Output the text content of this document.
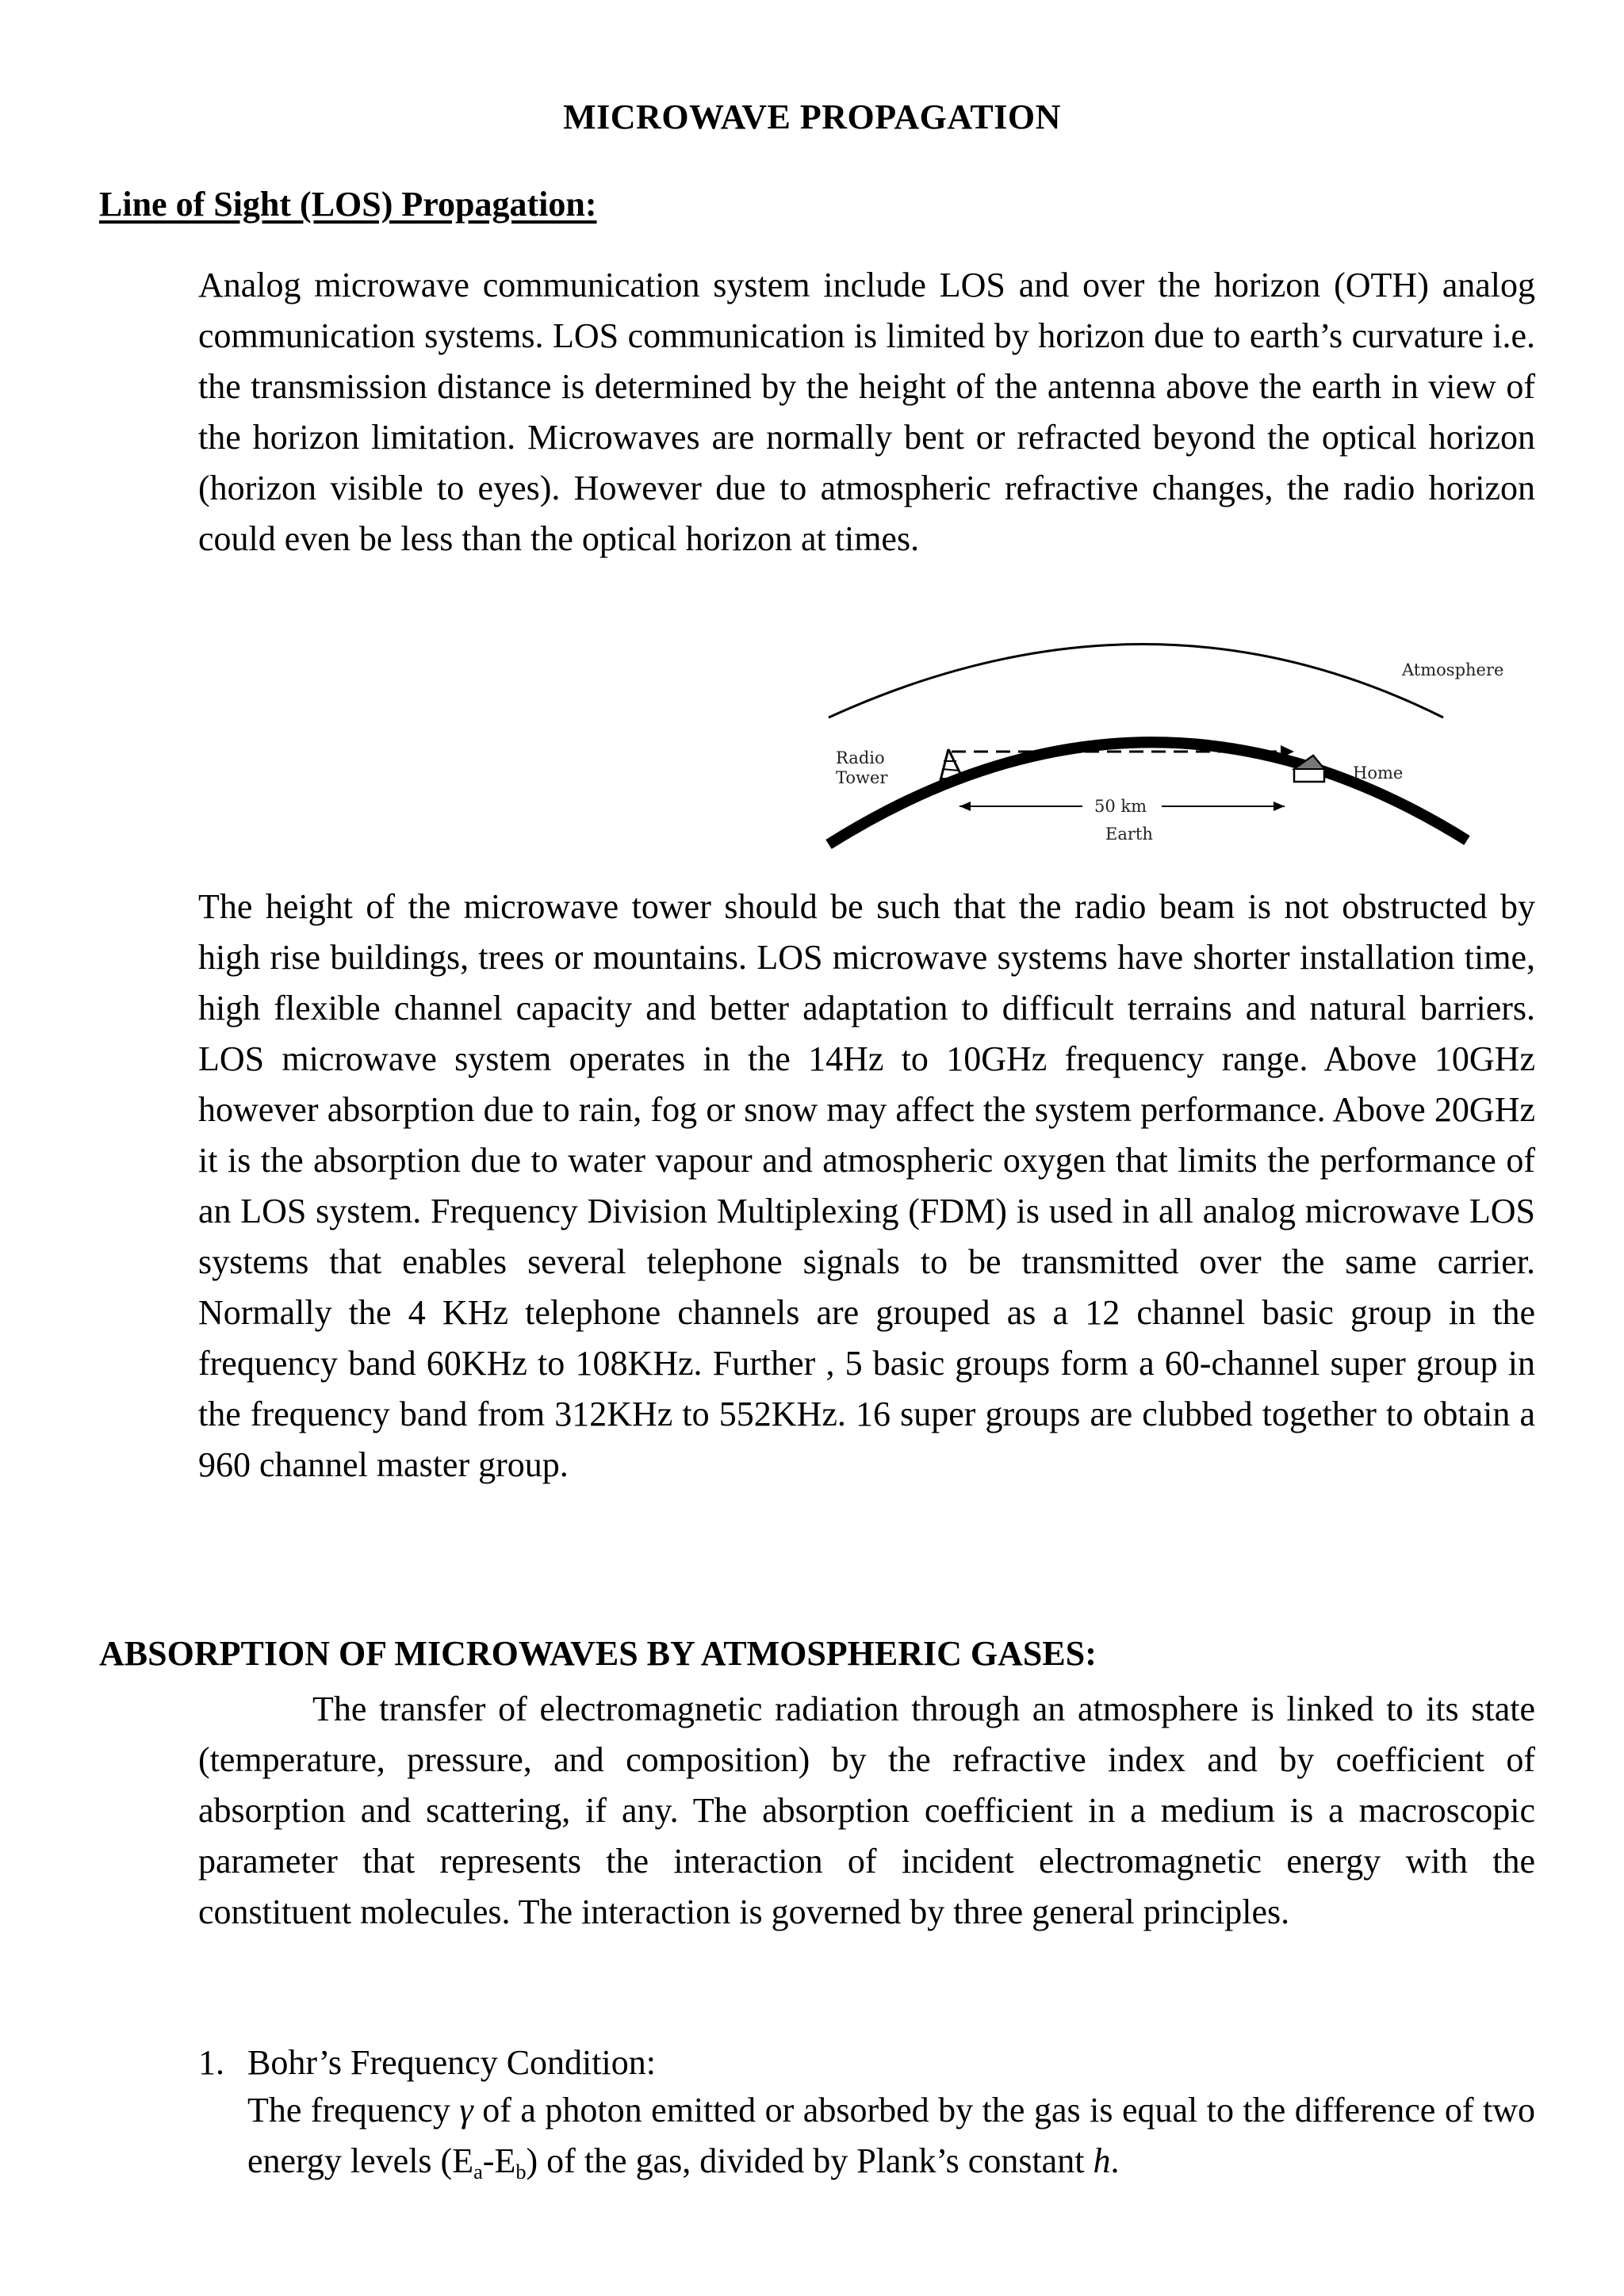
MICROWAVE PROPAGATION
Line of Sight (LOS) Propagation:
Analog microwave communication system include LOS and over the horizon (OTH) analog communication systems. LOS communication is limited by horizon due to earth’s curvature i.e. the transmission distance is determined by the height of the antenna above the earth in view of the horizon limitation. Microwaves are normally bent or refracted beyond the optical horizon (horizon visible to eyes). However due to atmospheric refractive changes, the radio horizon could even be less than the optical horizon at times.
Atmosphere
Radio
Tower	Home
50 km
Earth
The height of the microwave tower should be such that the radio beam is not obstructed by high rise buildings, trees or mountains. LOS microwave systems have shorter installation time, high flexible channel capacity and better adaptation to difficult terrains and natural barriers. LOS microwave system operates in the 14Hz to 10GHz frequency range. Above 10GHz however absorption due to rain, fog or snow may affect the system performance. Above 20GHz it is the absorption due to water vapour and atmospheric oxygen that limits the performance of an LOS system. Frequency Division Multiplexing (FDM) is used in all analog microwave LOS systems that enables several telephone signals to be transmitted over the same carrier. Normally the 4 KHz telephone channels are grouped as a 12 channel basic group in the frequency band 60KHz to 108KHz. Further , 5 basic groups form a 60-channel super group in the frequency band from 312KHz to 552KHz. 16 super groups are clubbed together to obtain a 960 channel master group.
ABSORPTION OF MICROWAVES BY ATMOSPHERIC GASES:
The transfer of electromagnetic radiation through an atmosphere is linked to its state (temperature, pressure, and composition) by the refractive index and by coefficient of absorption and scattering, if any. The absorption coefficient in a medium is a macroscopic parameter that represents the interaction of incident electromagnetic energy with the constituent molecules. The interaction is governed by three general principles.
1. Bohr’s Frequency Condition:
The frequency γ of a photon emitted or absorbed by the gas is equal to the difference of two energy levels $(E_a-E_b)$ of the gas, divided by Plank’s constant h.
